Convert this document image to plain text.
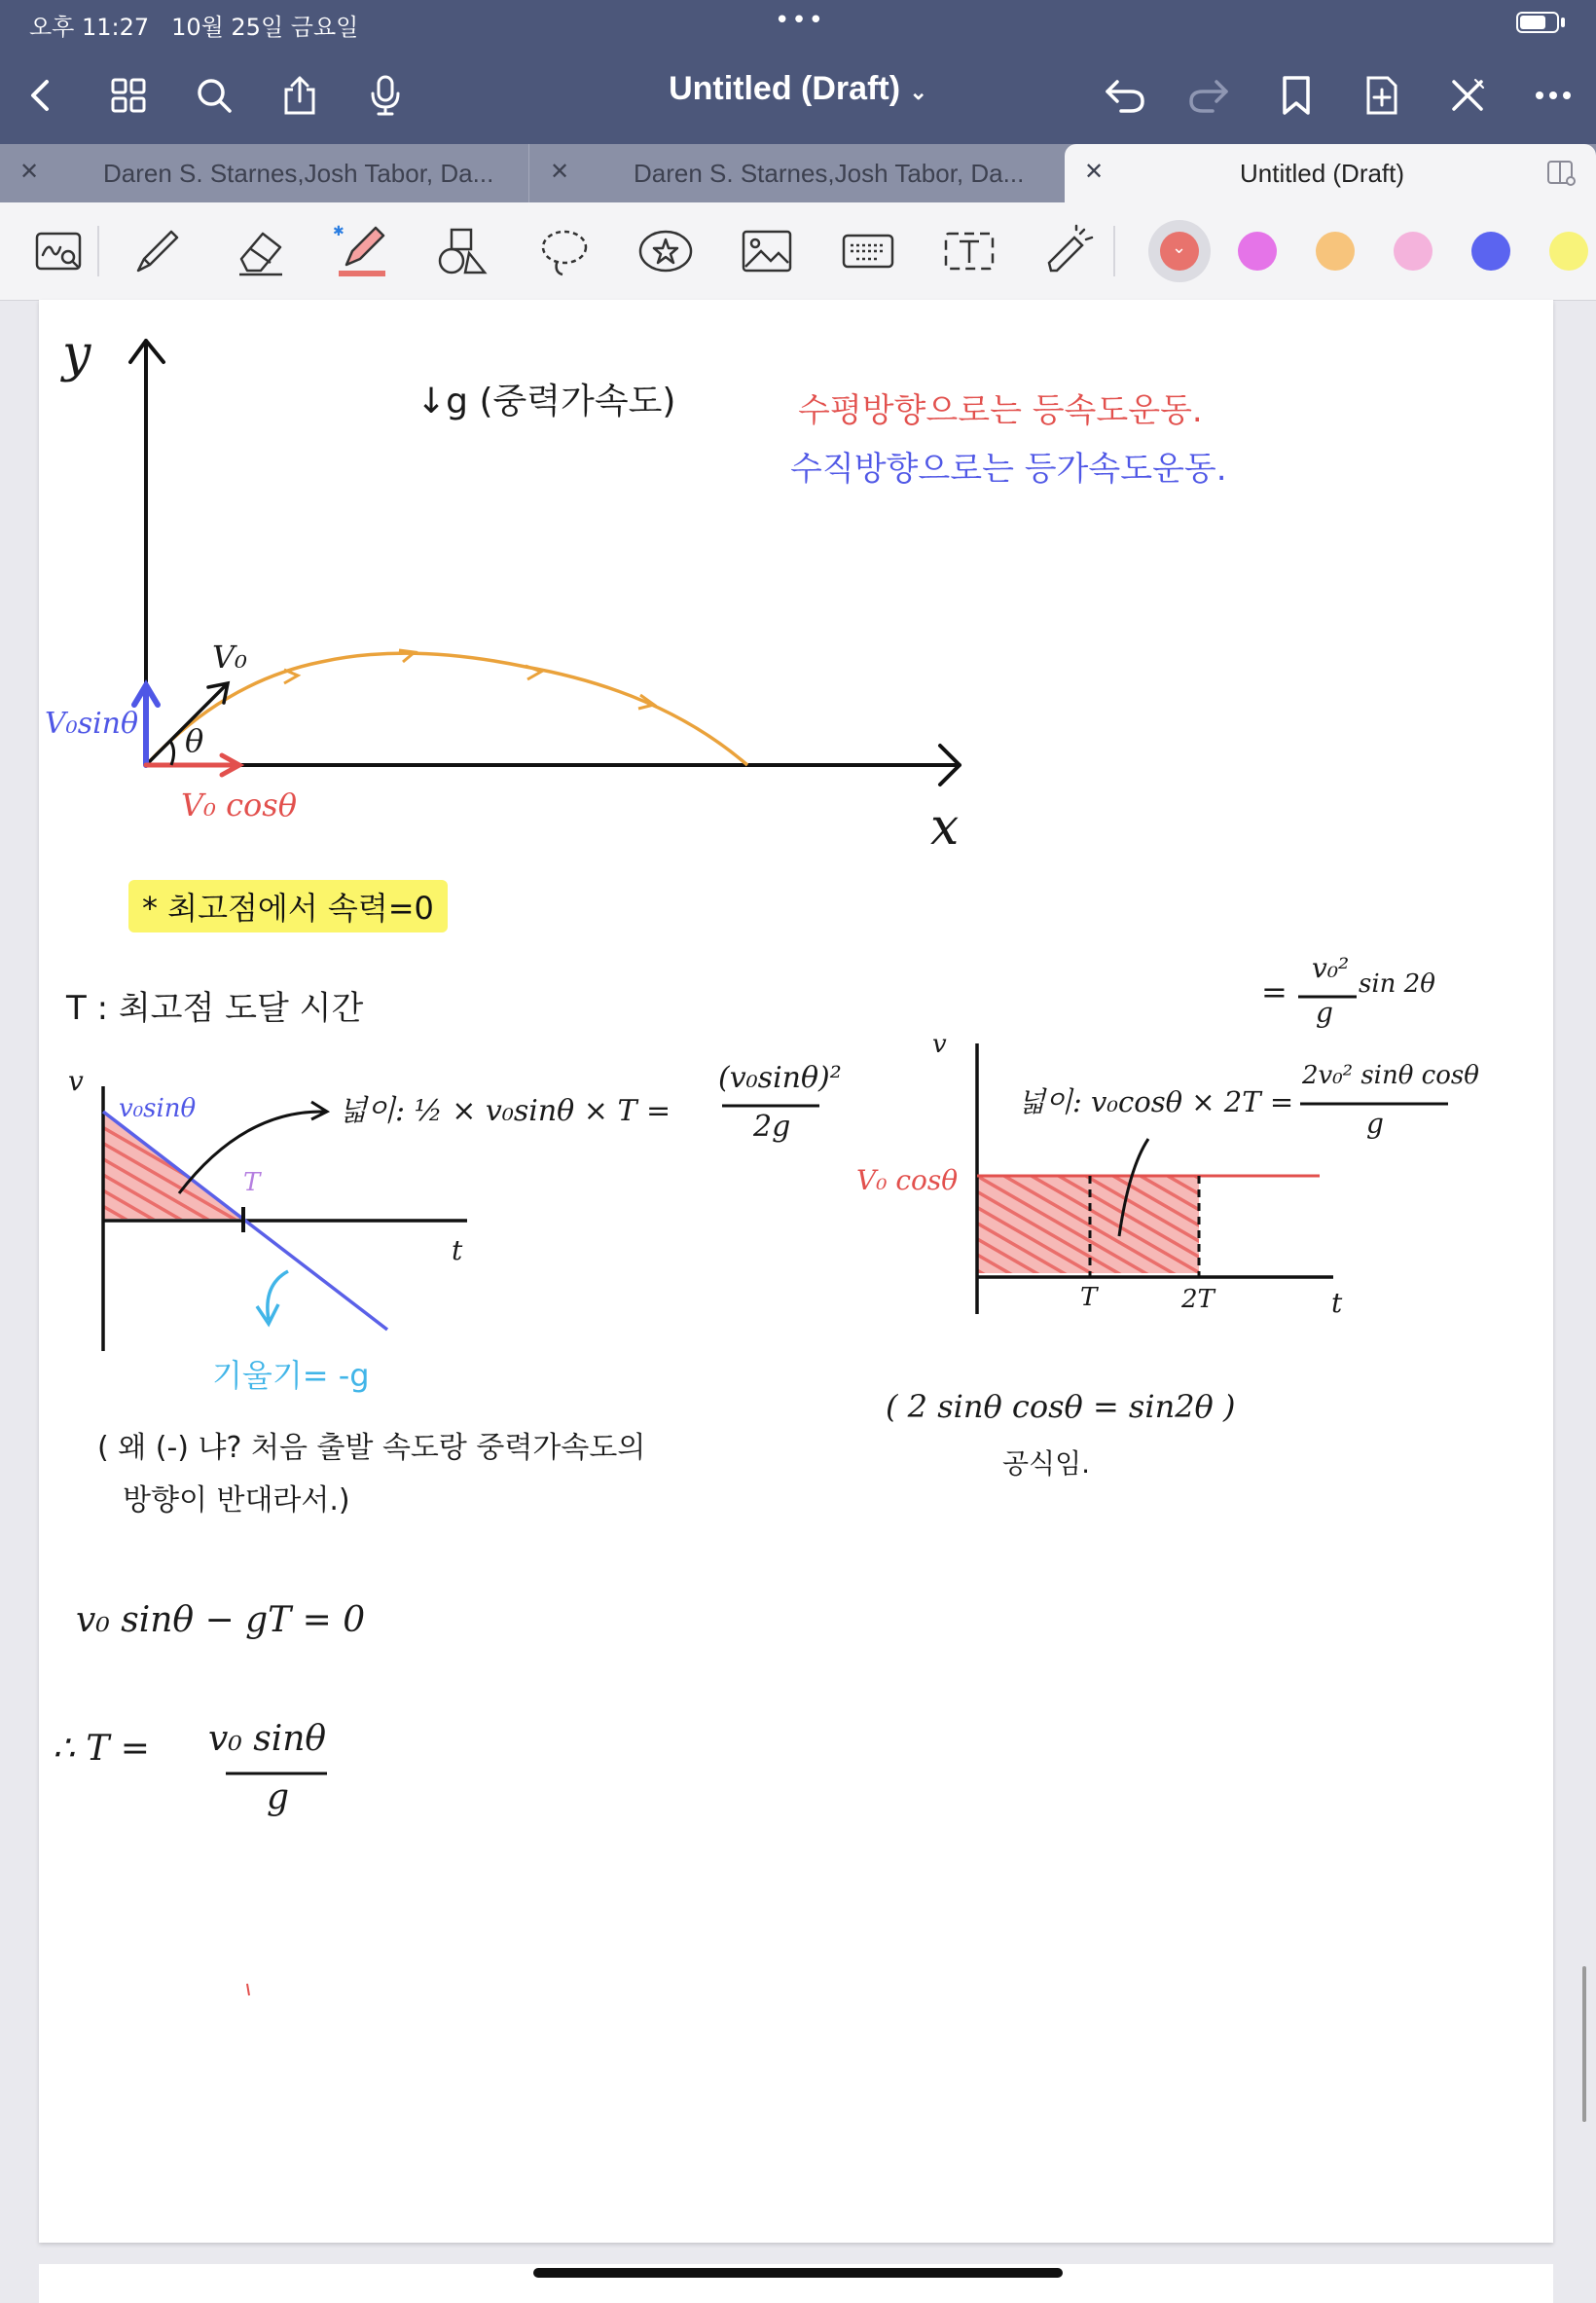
오후 11:27 10월 25일 금요일	•••
Untitled (Draft) ⌄
✕	Daren S. Starnes,Josh Tabor, Da... ✕	Daren S. Starnes,Josh Tabor, Da...	✕	Untitled (Draft)
✱
⌄
y
x
↓g (중력가속도)	수평방향으로는 등속도운동.
수직방향으로는 등가속도운동.
V₀
V₀sinθ θ
V₀ cosθ
* 최고점에서 속력=0
T : 최고점 도달 시간
v
v₀sinθ
T
t
넓이: ½ × v₀sinθ × T =
(v₀sinθ)²
2g
기울기= -g
( 왜 (-) 냐? 처음 출발 속도랑 중력가속도의
방향이 반대라서.)
v₀ sinθ − gT = 0
∴ T = v₀ sinθ
g
=
v₀²
g
sin 2θ
v
V₀ cosθ
T	2T	t
넓이: v₀cosθ × 2T =
2v₀² sinθ cosθ
g
( 2 sinθ cosθ = sin2θ )
공식임.
